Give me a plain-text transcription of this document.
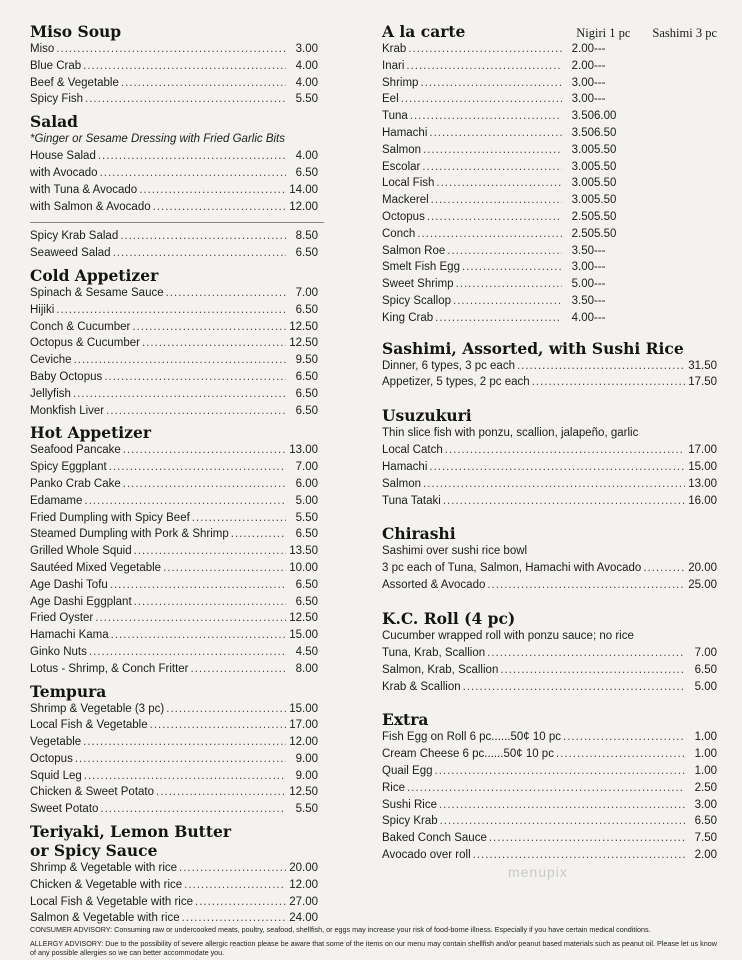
Miso Soup
Miso .....	3.00
Blue Crab .....	4.00
Beef & Vegetable .....	4.00
Spicy Fish .....	5.50
Salad
*Ginger or Sesame Dressing with Fried Garlic Bits
House Salad .....	4.00
with Avocado .....	6.50
with Tuna & Avocado .....	14.00
with Salmon & Avocado .....	12.00
Spicy Krab Salad .....	8.50
Seaweed Salad .....	6.50
Cold Appetizer
Spinach & Sesame Sauce .....	7.00
Hijiki .....	6.50
Conch & Cucumber .....	12.50
Octopus & Cucumber .....	12.50
Ceviche .....	9.50
Baby Octopus .....	6.50
Jellyfish .....	6.50
Monkfish Liver .....	6.50
Hot Appetizer
Seafood Pancake .....	13.00
Spicy Eggplant .....	7.00
Panko Crab Cake .....	6.00
Edamame .....	5.00
Fried Dumpling with Spicy Beef .....	5.50
Steamed Dumpling with Pork & Shrimp .....	6.50
Grilled Whole Squid .....	13.50
Sautéed Mixed Vegetable .....	10.00
Age Dashi Tofu .....	6.50
Age Dashi Eggplant .....	6.50
Fried Oyster .....	12.50
Hamachi Kama .....	15.00
Ginko Nuts .....	4.50
Lotus - Shrimp, & Conch Fritter .....	8.00
Tempura
Shrimp & Vegetable (3 pc) .....	15.00
Local Fish & Vegetable .....	17.00
Vegetable .....	12.00
Octopus .....	9.00
Squid Leg .....	9.00
Chicken & Sweet Potato .....	12.50
Sweet Potato .....	5.50
Teriyaki, Lemon Butter
or Spicy Sauce
Shrimp & Vegetable with rice .....	20.00
Chicken & Vegetable with rice .....	12.00
Local Fish & Vegetable with rice .....	27.00
Salmon & Vegetable with rice .....	24.00
A la carte	Nigiri 1 pc Sashimi 3 pc
Krab .....	2.00 ---
Inari .....	2.00 ---
Shrimp .....	3.00 ---
Eel .....	3.00 ---
Tuna .....	3.50 6.00
Hamachi .....	3.50 6.50
Salmon .....	3.00 5.50
Escolar .....	3.00 5.50
Local Fish .....	3.00 5.50
Mackerel .....	3.00 5.50
Octopus .....	2.50 5.50
Conch .....	2.50 5.50
Salmon Roe .....	3.50 ---
Smelt Fish Egg .....	3.00 ---
Sweet Shrimp .....	5.00 ---
Spicy Scallop .....	3.50 ---
King Crab .....	4.00 ---
Sashimi, Assorted, with Sushi Rice
Dinner, 6 types, 3 pc each .....	31.50
Appetizer, 5 types, 2 pc each .....	17.50
Usuzukuri
Thin slice fish with ponzu, scallion, jalapeño, garlic
Local Catch .....	17.00
Hamachi .....	15.00
Salmon .....	13.00
Tuna Tataki .....	16.00
Chirashi
Sashimi over sushi rice bowl
3 pc each of Tuna, Salmon, Hamachi with Avocado .....	20.00
Assorted & Avocado .....	25.00
K.C. Roll (4 pc)
Cucumber wrapped roll with ponzu sauce; no rice
Tuna, Krab, Scallion .....	7.00
Salmon, Krab, Scallion .....	6.50
Krab & Scallion .....	5.00
Extra
Fish Egg on Roll 6 pc......50¢ 10 pc .....	1.00
Cream Cheese 6 pc......50¢ 10 pc .....	1.00
Quail Egg .....	1.00
Rice .....	2.50
Sushi Rice .....	3.00
Spicy Krab .....	6.50
Baked Conch Sauce .....	7.50
Avocado over roll .....	2.00
menupix
CONSUMER ADVISORY: Consuming raw or undercooked meats, poultry, seafood, shellfish, or eggs may increase your risk of food-borne illness. Especially if you have certain medical conditions.
ALLERGY ADVISORY: Due to the possibility of severe allergic reaction please be aware that some of the items on our menu may contain shellfish and/or peanut based materials such as peanut oil. Please let us know of any possible allergies so we can better accommodate you.
